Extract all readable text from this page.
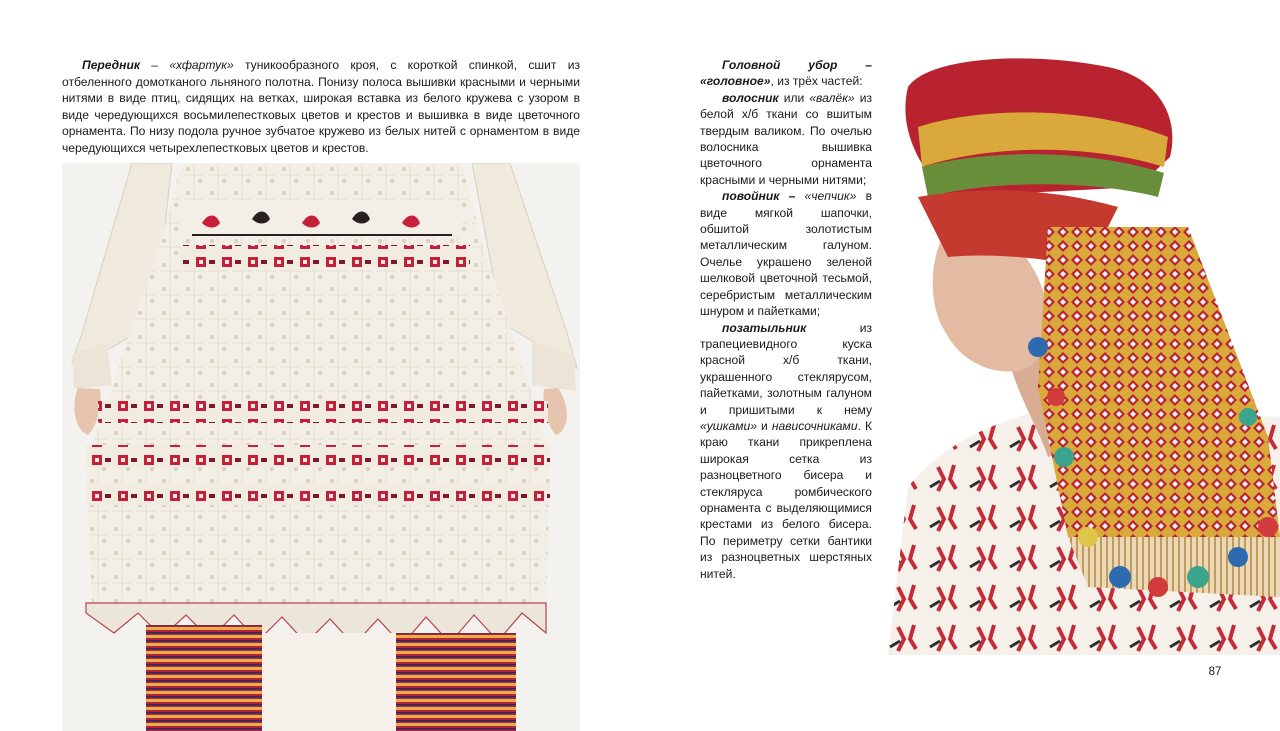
Передник – «хфартук» туникообразного кроя, с короткой спинкой, сшит из отбеленного домотканого льняного полотна. Понизу полоса вышивки красными и черными нитями в виде птиц, сидящих на ветках, широкая вставка из белого кружева с узором в виде чередующихся восьмилепестковых цветов и крестов и вышивка в виде цветочного орнамента. По низу подола ручное зубчатое кружево из белых нитей с орнаментом в виде чередующихся четырехлепестковых цветов и крестов.

Головной убор – «головное», из трёх частей:

волосник или «валёк» из белой х/б ткани со вшитым твердым валиком. По очелью волосника вышивка цветочного орнамента красными и черными нитями;

повойник – «чепчик» в виде мягкой шапочки, обшитой золотистым металлическим галуном. Очелье украшено зеленой шелковой цветочной тесьмой, серебристым металлическим шнуром и пайетками;

позатыльник из трапециевидного куска красной х/б ткани, украшенного стеклярусом, пайетками, золотным галуном и пришитыми к нему «ушками» и нависочниками. К краю ткани прикреплена широкая сетка из разноцветного бисера и стекляруса ромбического орнамента с выделяющимися крестами из белого бисера. По периметру сетки бантики из разноцветных шерстяных нитей.

87
